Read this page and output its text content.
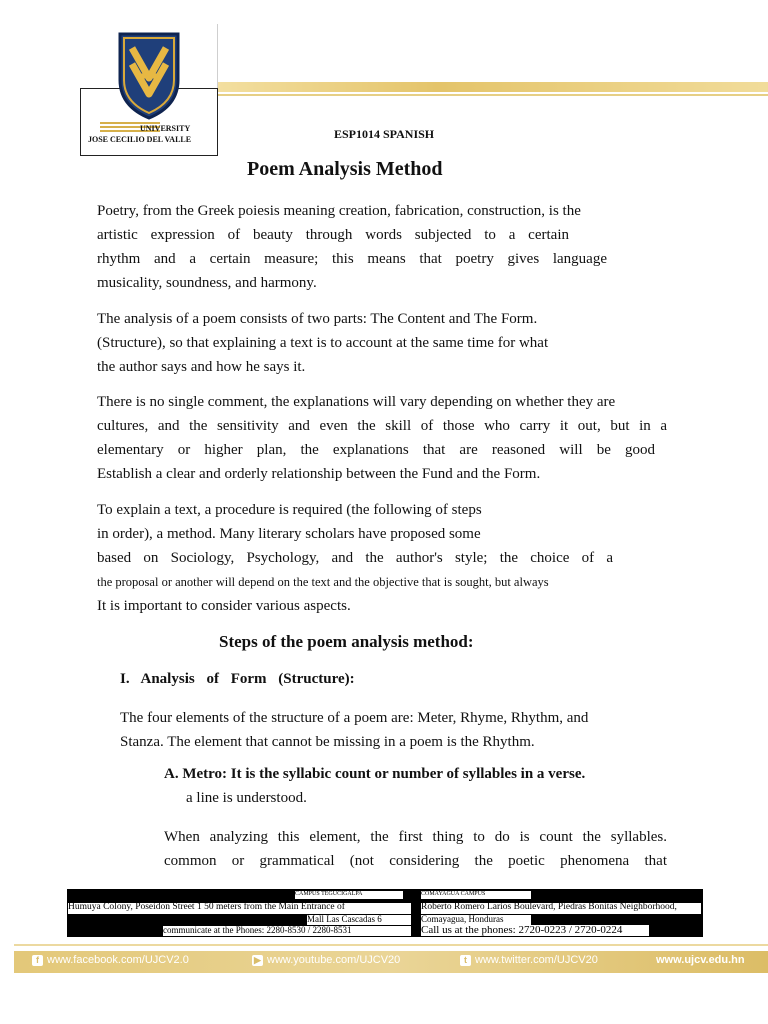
UNIVERSITY
JOSE CECILIO DEL VALLE	ESP1014 SPANISH
Poem Analysis Method
Poetry, from the Greek poiesis meaning creation, fabrication, construction, is the
artistic expression of beauty through words subjected to a certain
rhythm and a certain measure; this means that poetry gives language
musicality, soundness, and harmony.
The analysis of a poem consists of two parts: The Content and The Form.
(Structure), so that explaining a text is to account at the same time for what
the author says and how he says it.
There is no single comment, the explanations will vary depending on whether they are
cultures, and the sensitivity and even the skill of those who carry it out, but in a
elementary or higher plan, the explanations that are reasoned will be good
Establish a clear and orderly relationship between the Fund and the Form.
To explain a text, a procedure is required (the following of steps
in order), a method. Many literary scholars have proposed some
based on Sociology, Psychology, and the author's style; the choice of a
the proposal or another will depend on the text and the objective that is sought, but always
It is important to consider various aspects.
Steps of the poem analysis method:
I. Analysis of Form (Structure):
The four elements of the structure of a poem are: Meter, Rhyme, Rhythm, and
Stanza. The element that cannot be missing in a poem is the Rhythm.
A. Metro: It is the syllabic count or number of syllables in a verse.
a line is understood.
When analyzing this element, the first thing to do is count the syllables.
common or grammatical (not considering the poetic phenomena that
CAMPUS TEGUCIGALPA
Humuya Colony, Poseidon Street 1 50 meters from the Main Entrance of
Mall Las Cascadas 6
communicate at the Phones: 2280-8530 / 2280-8531
COMAYAGUA CAMPUS
Roberto Romero Larios Boulevard, Piedras Bonitas Neighborhood,
Comayagua, Honduras
Call us at the phones: 2720-0223 / 2720-0224
f www.facebook.com/UJCV2.0	▶ www.youtube.com/UJCV20	t www.twitter.com/UJCV20	www.ujcv.edu.hn
